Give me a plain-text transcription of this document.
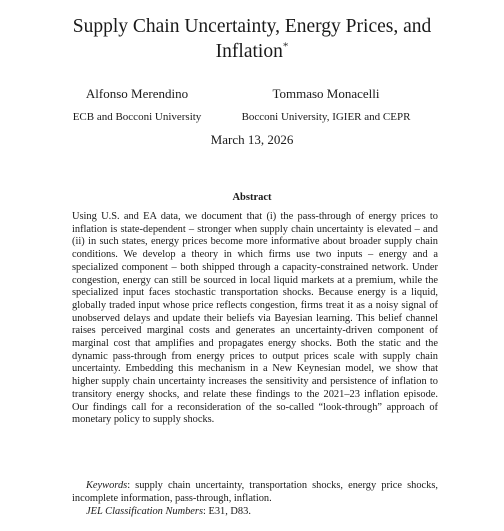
Supply Chain Uncertainty, Energy Prices, and Inflation*
Alfonso Merendino
ECB and Bocconi University
Tommaso Monacelli
Bocconi University, IGIER and CEPR
March 13, 2026
Abstract
Using U.S. and EA data, we document that (i) the pass-through of energy prices to inflation is state-dependent – stronger when supply chain uncertainty is elevated – and (ii) in such states, energy prices become more informative about broader supply chain conditions. We develop a theory in which firms use two inputs – energy and a specialized component – both shipped through a capacity-constrained network. Under congestion, energy can still be sourced in local liquid markets at a premium, while the specialized input faces stochastic transportation shocks. Because energy is a liquid, globally traded input whose price reflects congestion, firms treat it as a noisy signal of unobserved delays and update their beliefs via Bayesian learning. This belief channel raises perceived marginal costs and generates an uncertainty-driven component of marginal cost that amplifies and propagates energy shocks. Both the static and the dynamic pass-through from energy prices to output prices scale with supply chain uncertainty. Embedding this mechanism in a New Keynesian model, we show that higher supply chain uncertainty increases the sensitivity and persistence of inflation to transitory energy shocks, and relate these findings to the 2021–23 inflation episode. Our findings call for a reconsideration of the so-called “look-through” approach of monetary policy to supply shocks.
Keywords: supply chain uncertainty, transportation shocks, energy price shocks, incomplete information, pass-through, inflation.
JEL Classification Numbers: E31, D83.
